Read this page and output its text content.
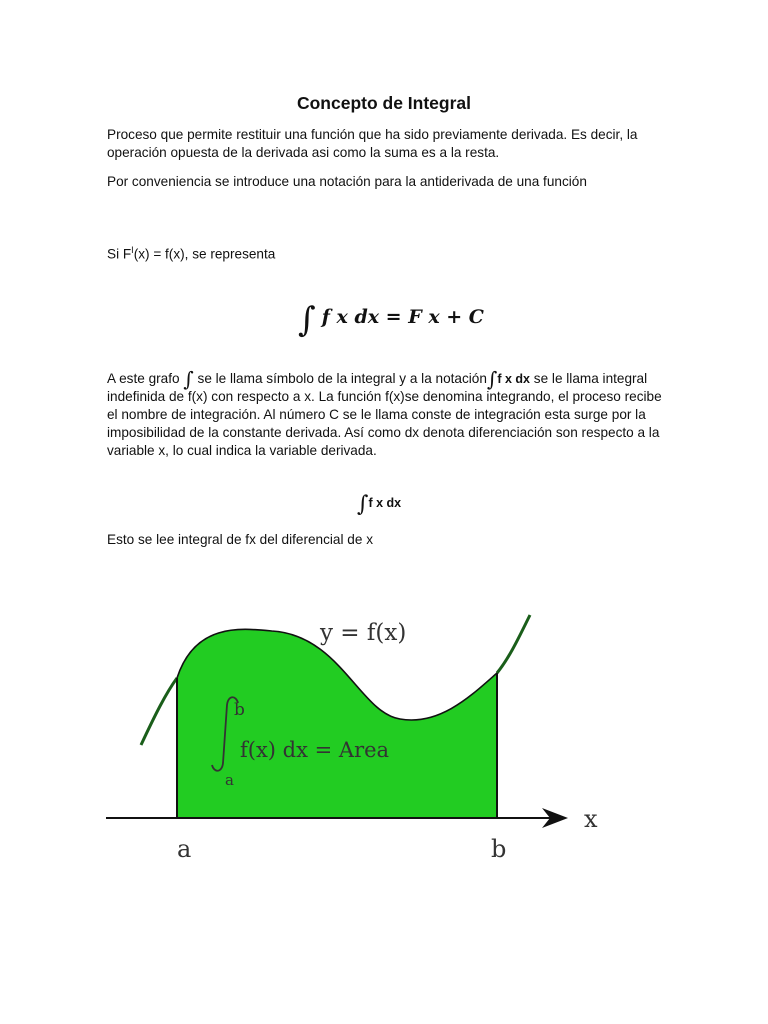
Concepto de Integral
Proceso que permite restituir una función que ha sido previamente derivada. Es decir, la operación opuesta de la derivada asi como la suma es a la resta.
Por conveniencia se introduce una notación para la antiderivada de una función
Si $F^I(x) = f(x)$, se representa
∫ f x dx = F x + C
A este grafo ∫ se le llama símbolo de la integral y a la notación∫f x dx se le llama integral indefinida de f(x) con respecto a x. La función f(x)se denomina integrando, el proceso recibe el nombre de integración. Al número C se le llama conste de integración esta surge por la imposibilidad de la constante derivada. Así como dx denota diferenciación son respecto a la variable x, lo cual indica la variable derivada.
∫f x dx
Esto se lee integral de fx del diferencial de x
y = f(x)
f(x) dx = Area
b
a
x
a	b
